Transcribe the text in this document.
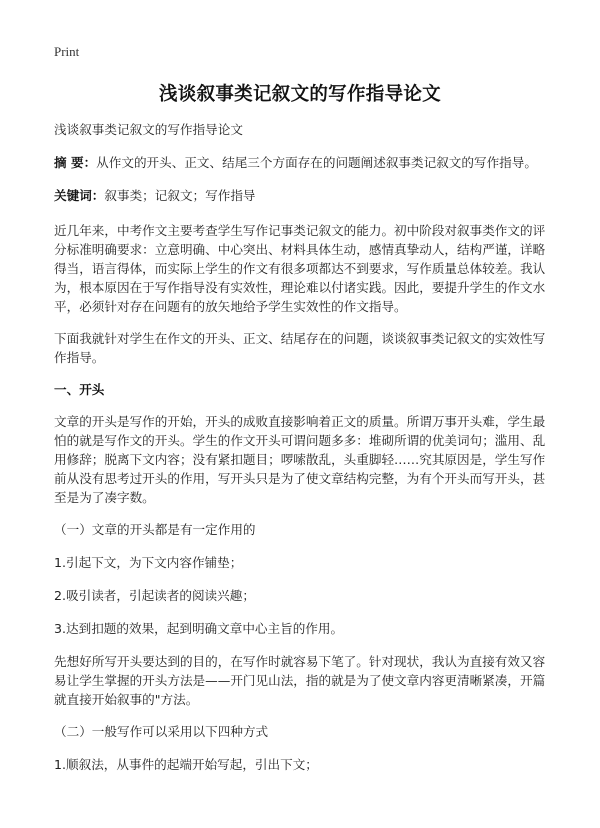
Print
浅谈叙事类记叙文的写作指导论文

浅谈叙事类记叙文的写作指导论文

摘 要：从作文的开头、正文、结尾三个方面存在的问题阐述叙事类记叙文的写作指导。

关键词：叙事类；记叙文；写作指导

近几年来，中考作文主要考查学生写作记事类记叙文的能力。初中阶段对叙事类作文的评分标准明确要求：立意明确、中心突出、材料具体生动，感情真挚动人，结构严谨，详略得当，语言得体，而实际上学生的作文有很多项都达不到要求，写作质量总体较差。我认为，根本原因在于写作指导没有实效性，理论难以付诸实践。因此，要提升学生的作文水平，必须针对存在问题有的放矢地给予学生实效性的作文指导。

下面我就针对学生在作文的开头、正文、结尾存在的问题，谈谈叙事类记叙文的实效性写作指导。

一、开头

文章的开头是写作的开始，开头的成败直接影响着正文的质量。所谓万事开头难，学生最怕的就是写作文的开头。学生的作文开头可谓问题多多：堆砌所谓的优美词句；滥用、乱用修辞；脱离下文内容；没有紧扣题目；啰嗦散乱，头重脚轻……究其原因是，学生写作前从没有思考过开头的作用，写开头只是为了使文章结构完整，为有个开头而写开头，甚至是为了凑字数。

（一）文章的开头都是有一定作用的

1.引起下文，为下文内容作铺垫；

2.吸引读者，引起读者的阅读兴趣；

3.达到扣题的效果，起到明确文章中心主旨的作用。

先想好所写开头要达到的目的，在写作时就容易下笔了。针对现状，我认为直接有效又容易让学生掌握的开头方法是——开门见山法，指的就是为了使文章内容更清晰紧凑，开篇就直接开始叙事的"方法。

（二）一般写作可以采用以下四种方式

1.顺叙法，从事件的起端开始写起，引出下文；
